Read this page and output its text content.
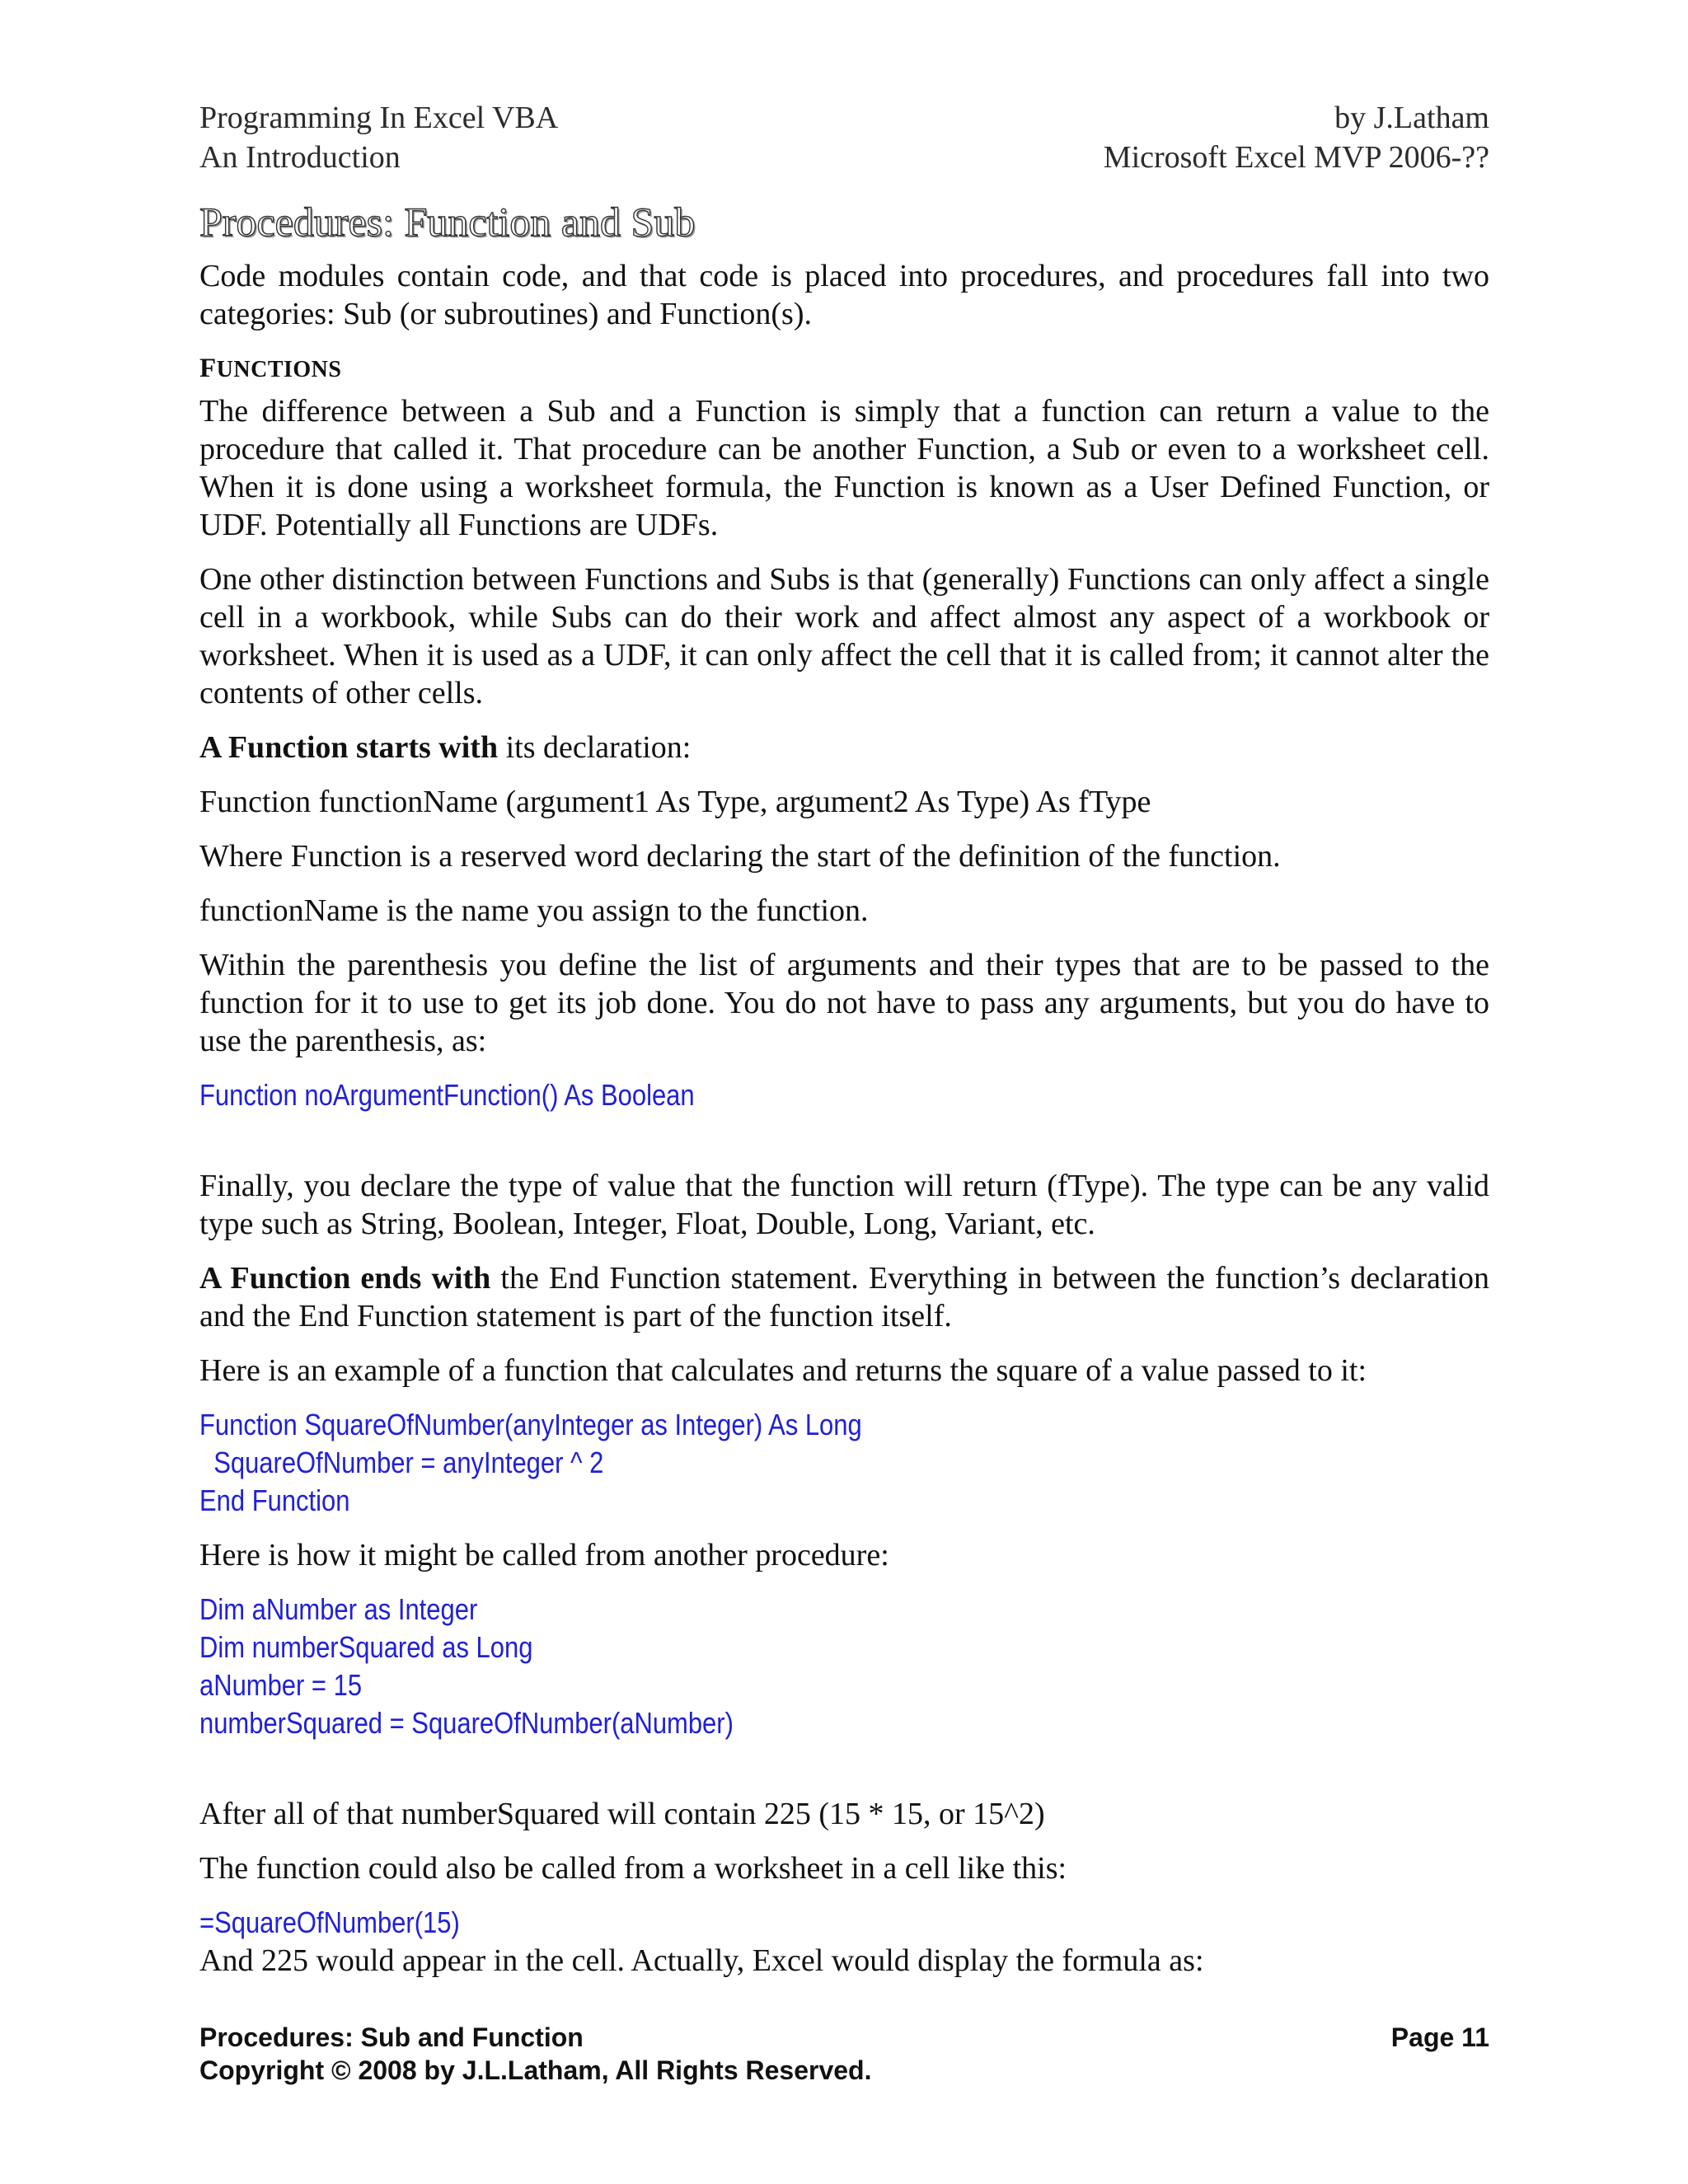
Programming In Excel VBA	by J.Latham
An Introduction	Microsoft Excel MVP 2006-??
Procedures: Function and Sub

Code modules contain code, and that code is placed into procedures, and procedures fall into two categories: Sub (or subroutines) and Function(s).

FUNCTIONS

The difference between a Sub and a Function is simply that a function can return a value to the procedure that called it. That procedure can be another Function, a Sub or even to a worksheet cell. When it is done using a worksheet formula, the Function is known as a User Defined Function, or UDF. Potentially all Functions are UDFs.

One other distinction between Functions and Subs is that (generally) Functions can only affect a single cell in a workbook, while Subs can do their work and affect almost any aspect of a workbook or worksheet. When it is used as a UDF, it can only affect the cell that it is called from; it cannot alter the contents of other cells.

A Function starts with its declaration:

Function functionName (argument1 As Type, argument2 As Type) As fType

Where Function is a reserved word declaring the start of the definition of the function.

functionName is the name you assign to the function.

Within the parenthesis you define the list of arguments and their types that are to be passed to the function for it to use to get its job done. You do not have to pass any arguments, but you do have to use the parenthesis, as:

Function noArgumentFunction() As Boolean

Finally, you declare the type of value that the function will return (fType). The type can be any valid type such as String, Boolean, Integer, Float, Double, Long, Variant, etc.

A Function ends with the End Function statement. Everything in between the function’s declaration and the End Function statement is part of the function itself.

Here is an example of a function that calculates and returns the square of a value passed to it:

Function SquareOfNumber(anyInteger as Integer) As Long

SquareOfNumber = anyInteger ^ 2

End Function

Here is how it might be called from another procedure:

Dim aNumber as Integer

Dim numberSquared as Long

aNumber = 15

numberSquared = SquareOfNumber(aNumber)

After all of that numberSquared will contain 225 (15 * 15, or 15^2)

The function could also be called from a worksheet in a cell like this:

=SquareOfNumber(15)

And 225 would appear in the cell. Actually, Excel would display the formula as:

Procedures: Sub and Function	Page 11
Copyright © 2008 by J.L.Latham, All Rights Reserved.
